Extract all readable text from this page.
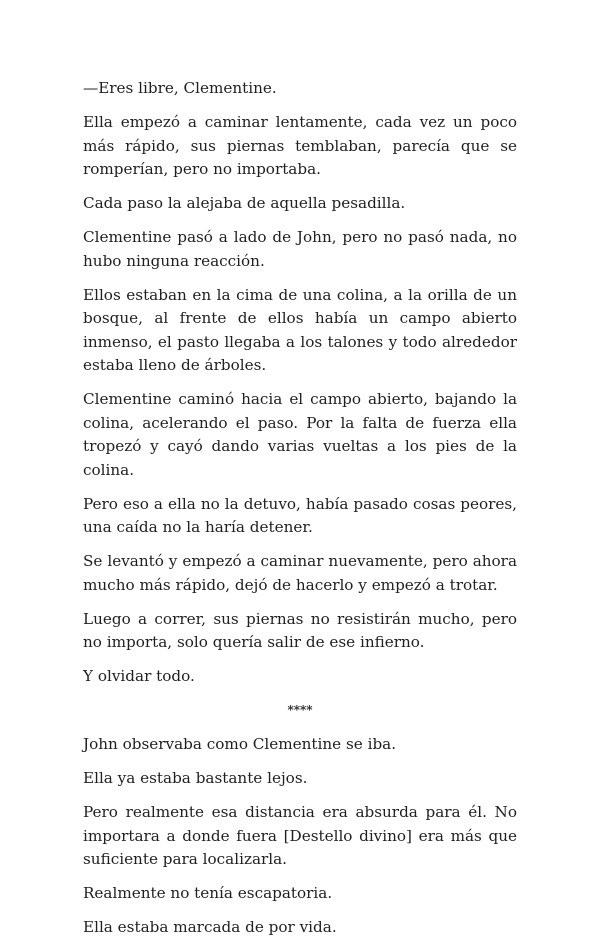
—Eres libre, Clementine.

Ella empezó a caminar lentamente, cada vez un poco más rápido, sus piernas temblaban, parecía que se romperían, pero no importaba.

Cada paso la alejaba de aquella pesadilla.

Clementine pasó a lado de John, pero no pasó nada, no hubo ninguna reacción.

Ellos estaban en la cima de una colina, a la orilla de un bosque, al frente de ellos había un campo abierto inmenso, el pasto llegaba a los talones y todo alrededor estaba lleno de árboles.

Clementine caminó hacia el campo abierto, bajando la colina, acelerando el paso. Por la falta de fuerza ella tropezó y cayó dando varias vueltas a los pies de la colina.

Pero eso a ella no la detuvo, había pasado cosas peores, una caída no la haría detener.

Se levantó y empezó a caminar nuevamente, pero ahora mucho más rápido, dejó de hacerlo y empezó a trotar.

Luego a correr, sus piernas no resistirán mucho, pero no importa, solo quería salir de ese infierno.

Y olvidar todo.

****

John observaba como Clementine se iba.

Ella ya estaba bastante lejos.

Pero realmente esa distancia era absurda para él. No importara a donde fuera [Destello divino] era más que suficiente para localizarla.

Realmente no tenía escapatoria.

Ella estaba marcada de por vida.
